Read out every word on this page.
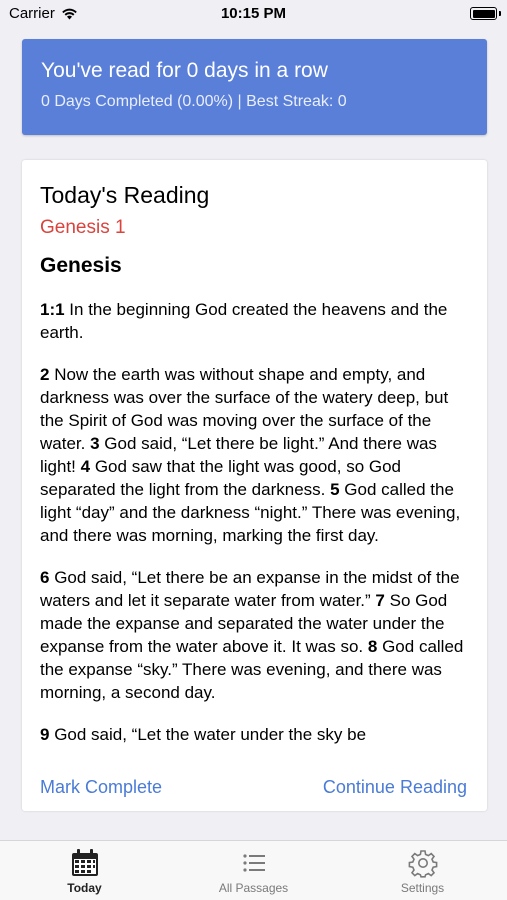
Carrier	10:15 PM
You've read for 0 days in a row
0 Days Completed (0.00%) | Best Streak: 0
Today's Reading
Genesis 1
Genesis

1:1 In the beginning God created the heavens and the earth.

2 Now the earth was without shape and empty, and darkness was over the surface of the watery deep, but the Spirit of God was moving over the surface of the water. 3 God said, “Let there be light.” And there was light! 4 God saw that the light was good, so God separated the light from the darkness. 5 God called the light “day” and the darkness “night.” There was evening, and there was morning, marking the first day.

6 God said, “Let there be an expanse in the midst of the waters and let it separate water from water.” 7 So God made the expanse and separated the water under the expanse from the water above it. It was so. 8 God called the expanse “sky.” There was evening, and there was morning, a second day.

9 God said, “Let the water under the sky be

Mark Complete	Continue Reading
Today	All Passages	Settings
